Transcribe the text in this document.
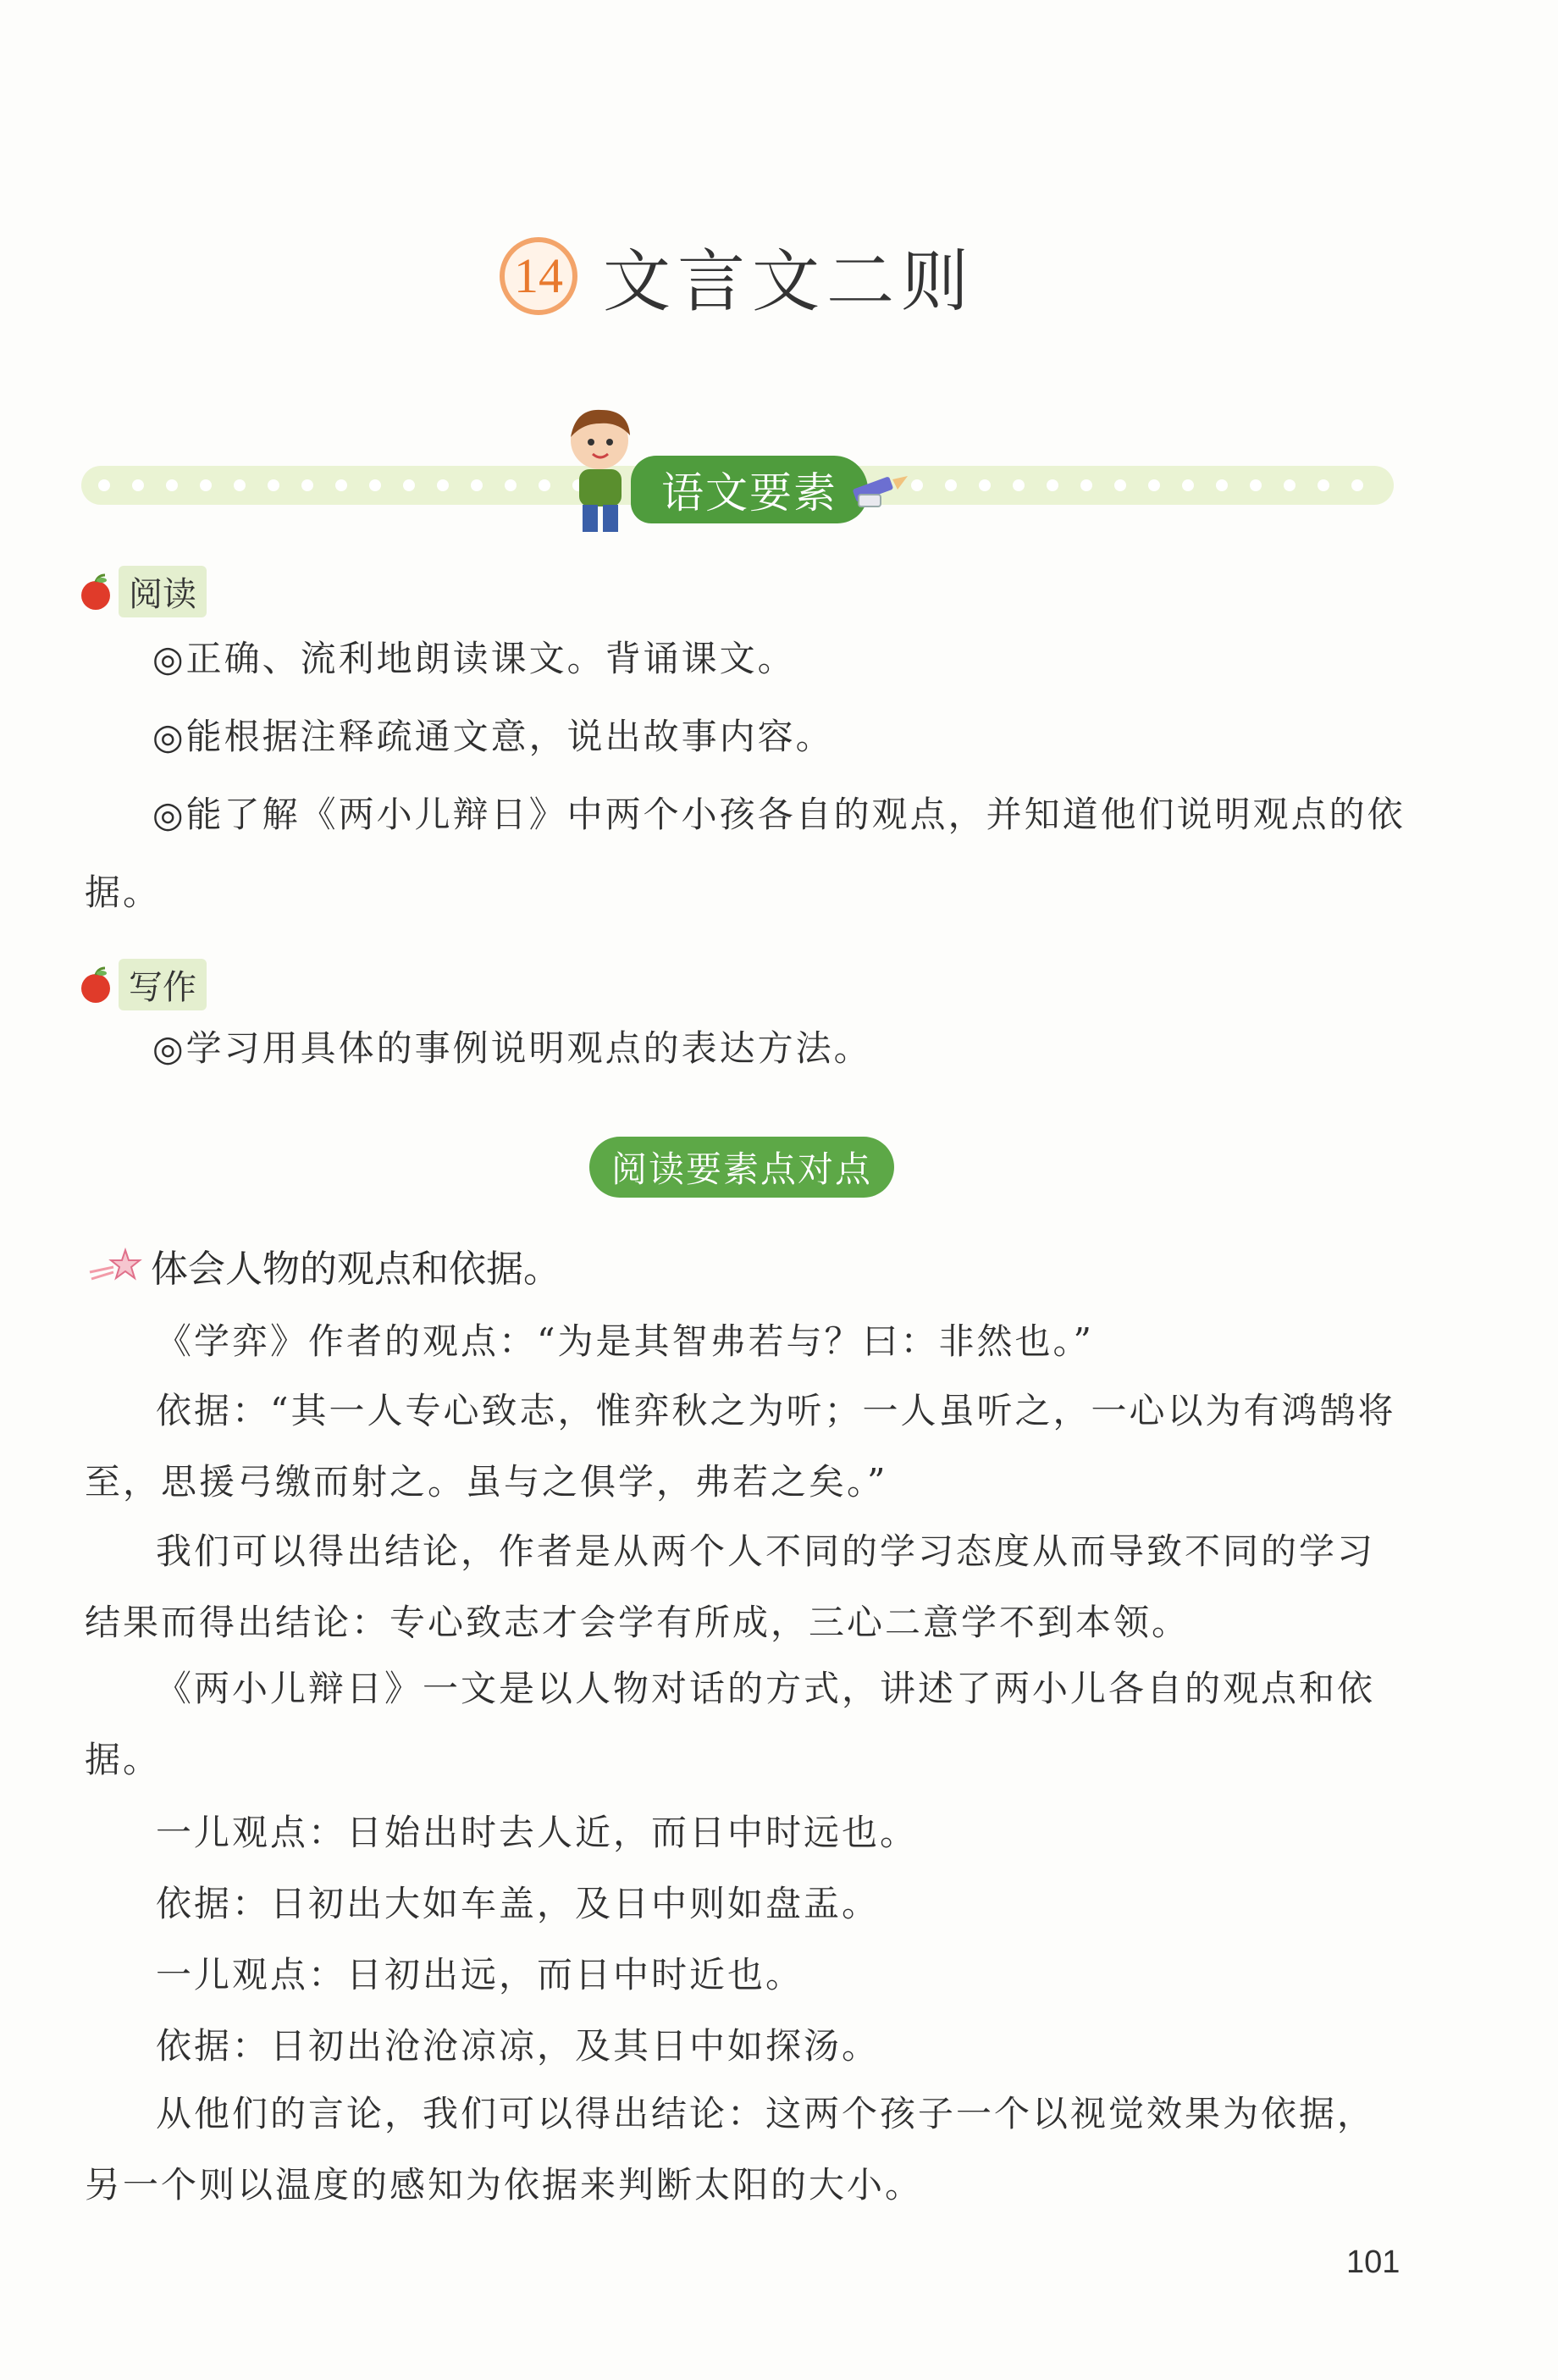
14 文言文二则
语文要素
阅读
◎正确、流利地朗读课文。背诵课文。
◎能根据注释疏通文意，说出故事内容。
◎能了解《两小儿辩日》中两个小孩各自的观点，并知道他们说明观点的依据。
写作
◎学习用具体的事例说明观点的表达方法。
阅读要素点对点
体会人物的观点和依据。
《学弈》作者的观点：“为是其智弗若与？曰：非然也。”
依据：“其一人专心致志，惟弈秋之为听；一人虽听之，一心以为有鸿鹄将至，思援弓缴而射之。虽与之俱学，弗若之矣。”
我们可以得出结论，作者是从两个人不同的学习态度从而导致不同的学习结果而得出结论：专心致志才会学有所成，三心二意学不到本领。
《两小儿辩日》一文是以人物对话的方式，讲述了两小儿各自的观点和依据。
一儿观点：日始出时去人近，而日中时远也。
依据：日初出大如车盖，及日中则如盘盂。
一儿观点：日初出远，而日中时近也。
依据：日初出沧沧凉凉，及其日中如探汤。
从他们的言论，我们可以得出结论：这两个孩子一个以视觉效果为依据，另一个则以温度的感知为依据来判断太阳的大小。
101
